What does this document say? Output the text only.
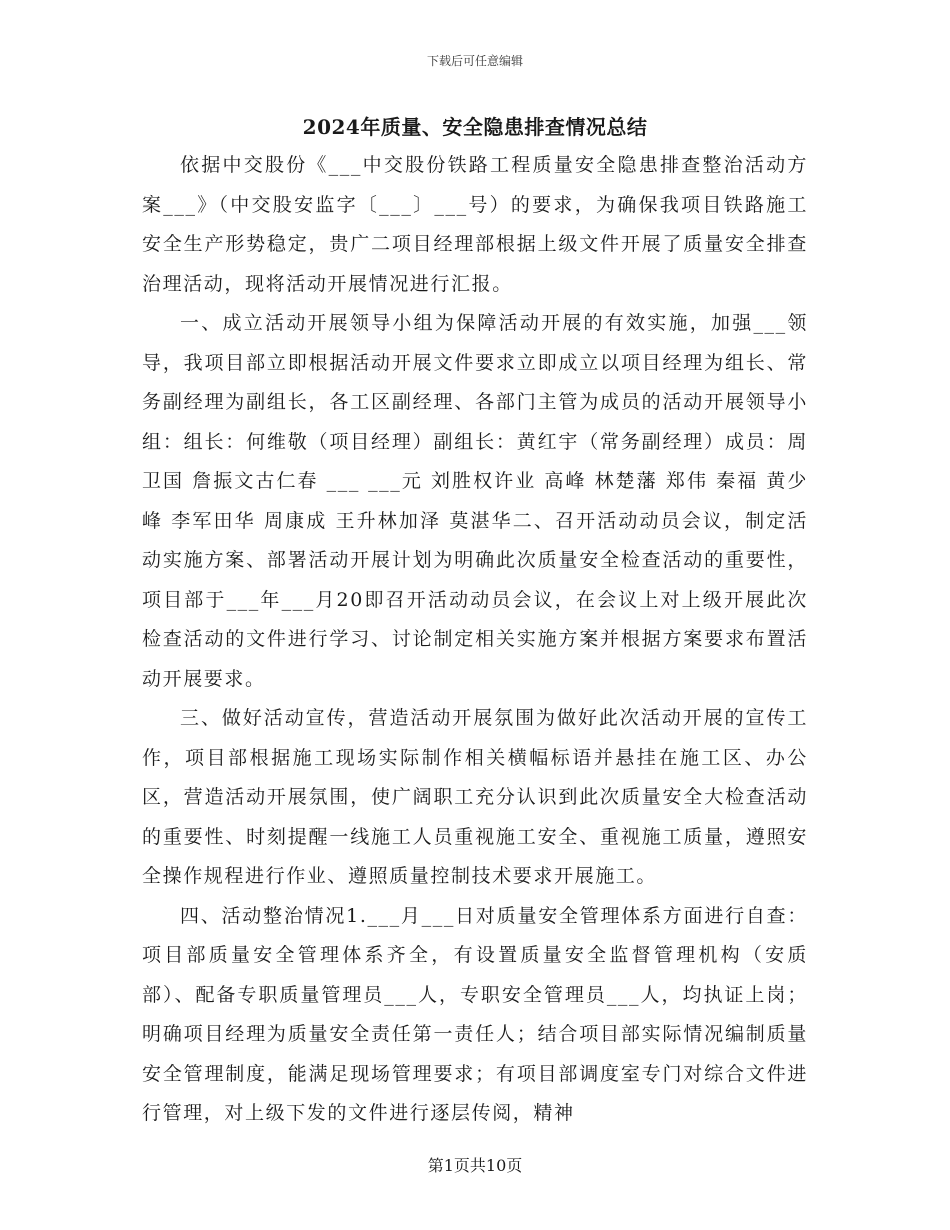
下载后可任意编辑
2024年质量、安全隐患排查情况总结

依据中交股份《___中交股份铁路工程质量安全隐患排查整治活动方案___》（中交股安监字〔___〕___号）的要求，为确保我项目铁路施工安全生产形势稳定，贵广二项目经理部根据上级文件开展了质量安全排查治理活动，现将活动开展情况进行汇报。

一、成立活动开展领导小组为保障活动开展的有效实施，加强___领导，我项目部立即根据活动开展文件要求立即成立以项目经理为组长、常务副经理为副组长，各工区副经理、各部门主管为成员的活动开展领导小组：组长：何维敬（项目经理）副组长：黄红宇（常务副经理）成员：周卫国 詹振文古仁春 ___ ___元 刘胜权许业 高峰 林楚藩 郑伟 秦福 黄少峰 李军田华 周康成 王升林加泽 莫湛华二、召开活动动员会议，制定活动实施方案、部署活动开展计划为明确此次质量安全检查活动的重要性，项目部于___年___月20即召开活动动员会议，在会议上对上级开展此次检查活动的文件进行学习、讨论制定相关实施方案并根据方案要求布置活动开展要求。

三、做好活动宣传，营造活动开展氛围为做好此次活动开展的宣传工作，项目部根据施工现场实际制作相关横幅标语并悬挂在施工区、办公区，营造活动开展氛围，使广阔职工充分认识到此次质量安全大检查活动的重要性、时刻提醒一线施工人员重视施工安全、重视施工质量，遵照安全操作规程进行作业、遵照质量控制技术要求开展施工。

四、活动整治情况1.___月___日对质量安全管理体系方面进行自查：项目部质量安全管理体系齐全，有设置质量安全监督管理机构（安质部）、配备专职质量管理员___人，专职安全管理员___人，均执证上岗；明确项目经理为质量安全责任第一责任人；结合项目部实际情况编制质量安全管理制度，能满足现场管理要求；有项目部调度室专门对综合文件进行管理，对上级下发的文件进行逐层传阅，精神

第1页共10页
